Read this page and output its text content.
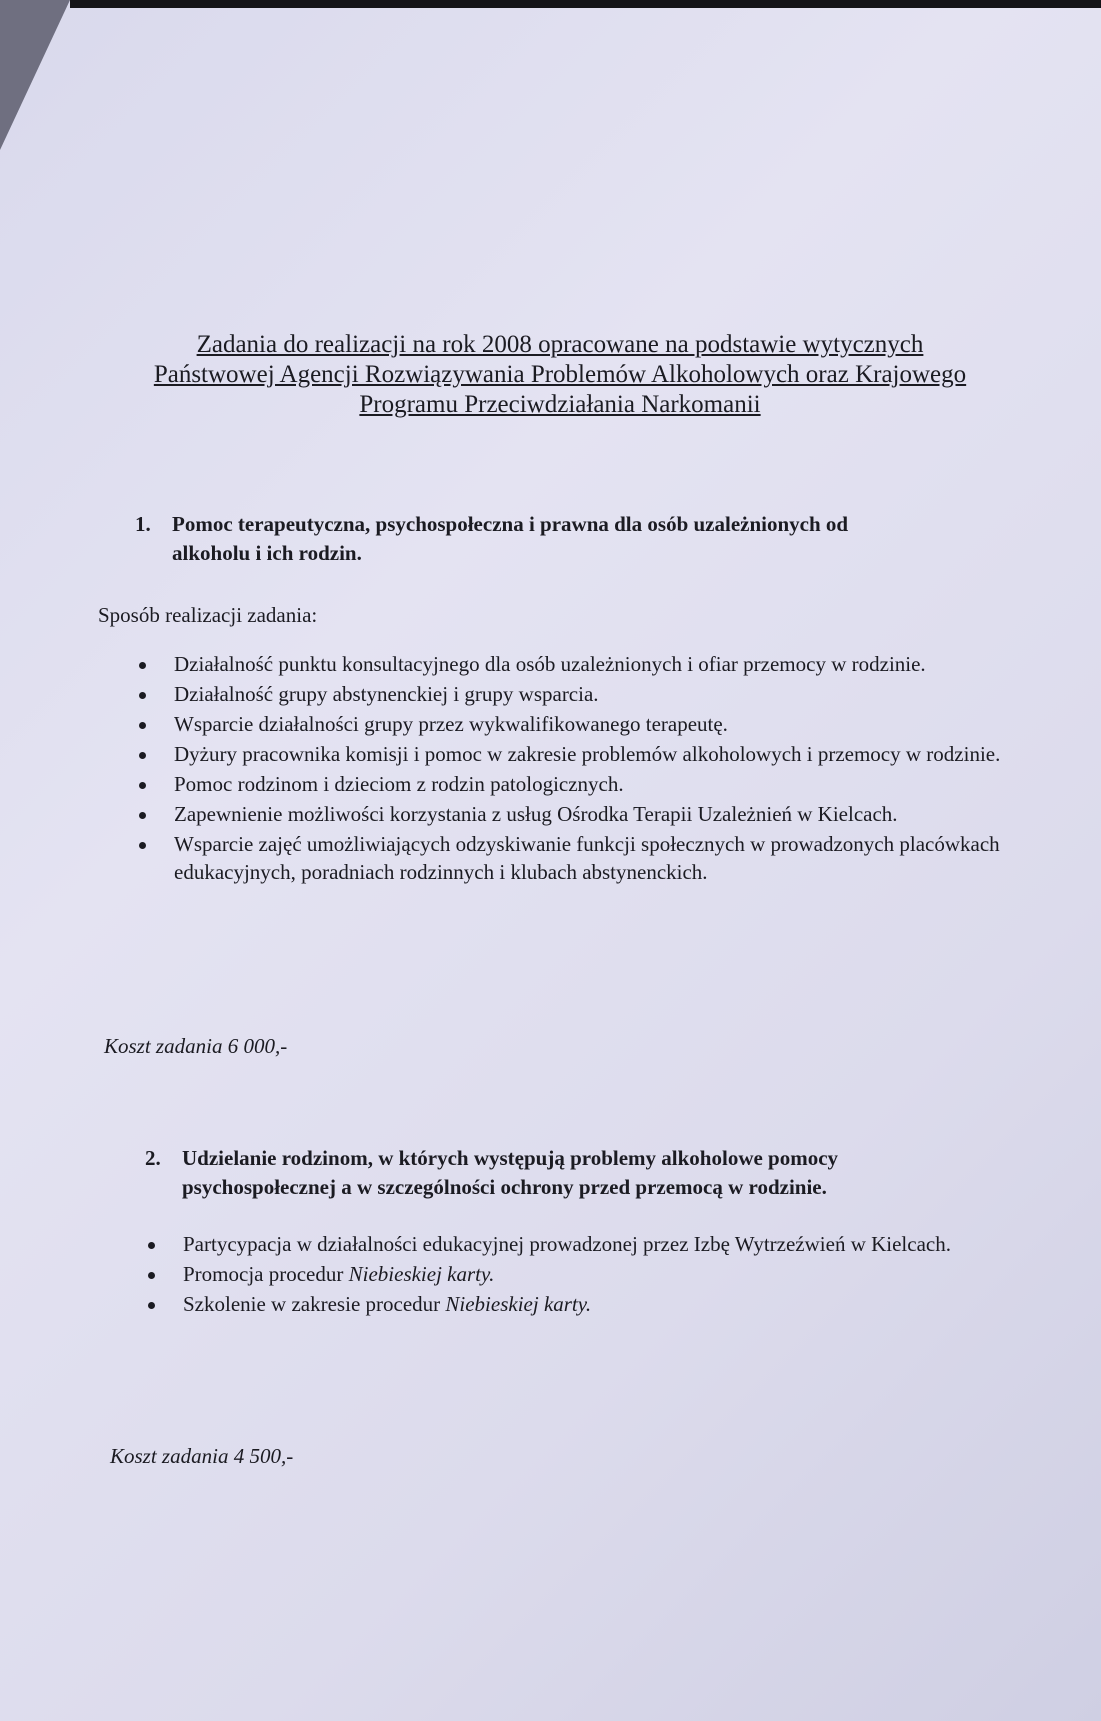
Zadania do realizacji na rok 2008 opracowane na podstawie wytycznych
Państwowej Agencji Rozwiązywania Problemów Alkoholowych oraz Krajowego
Programu Przeciwdziałania Narkomanii
1. Pomoc terapeutyczna, psychospołeczna i prawna dla osób uzależnionych od
alkoholu i ich rodzin.
Sposób realizacji zadania:
Działalność punktu konsultacyjnego dla osób uzależnionych i ofiar przemocy w rodzinie.
Działalność grupy abstynenckiej i grupy wsparcia.
Wsparcie działalności grupy przez wykwalifikowanego terapeutę.
Dyżury pracownika komisji i pomoc w zakresie problemów alkoholowych i przemocy w rodzinie.
Pomoc rodzinom i dzieciom z rodzin patologicznych.
Zapewnienie możliwości korzystania z usług Ośrodka Terapii Uzależnień w Kielcach.
Wsparcie zajęć umożliwiających odzyskiwanie funkcji społecznych w prowadzonych placówkach edukacyjnych, poradniach rodzinnych i klubach abstynenckich.
Koszt zadania 6 000,-
2. Udzielanie rodzinom, w których występują problemy alkoholowe pomocy
psychospołecznej a w szczególności ochrony przed przemocą w rodzinie.
Partycypacja w działalności edukacyjnej prowadzonej przez Izbę Wytrzeźwień w Kielcach.
Promocja procedur Niebieskiej karty.
Szkolenie w zakresie procedur Niebieskiej karty.
Koszt zadania 4 500,-
